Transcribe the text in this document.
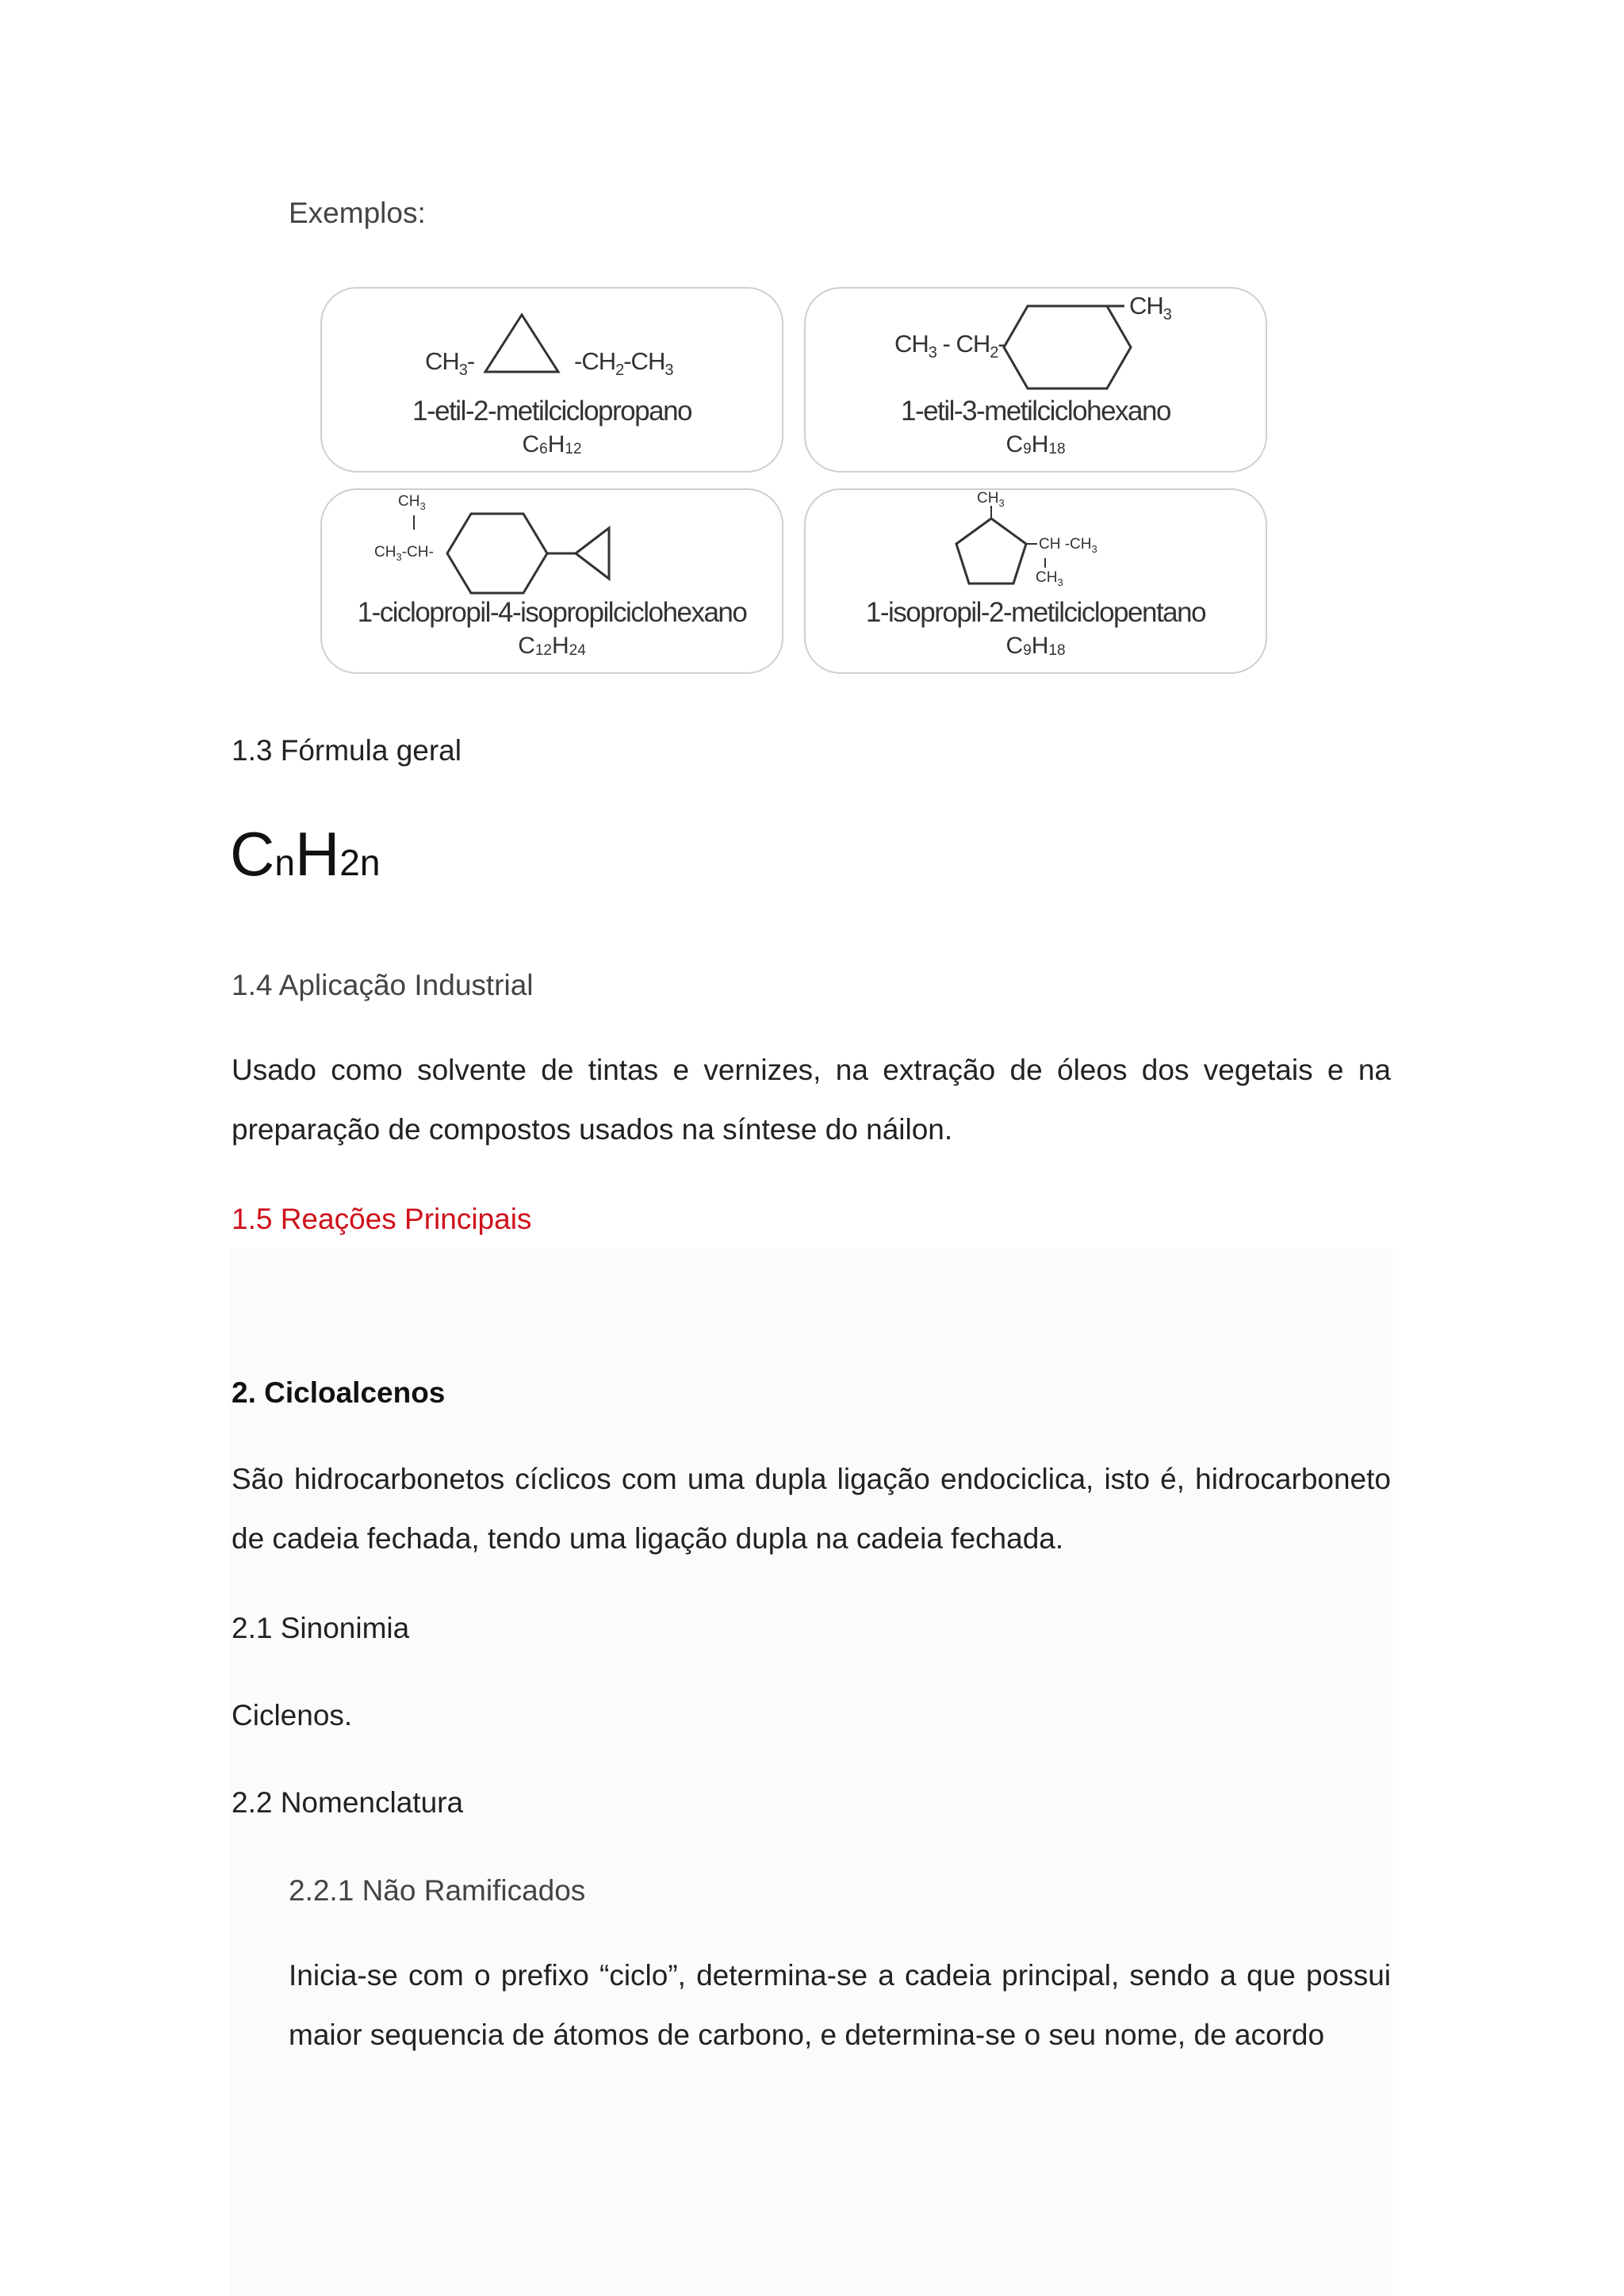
Exemplos:
$CH_3-$	$-CH_2-CH_3$
1-etil-2-metilciclopropano
$C_6H_{12}$
$CH_3 - CH_2-$
$CH_3$
1-etil-3-metilciclohexano
$C_9H_{18}$
$CH_3$
$CH_3-CH-$
1-ciclopropil-4-isopropilciclohexano
$C_{12}H_{24}$
$CH_3$
CH $-CH_3$
$CH_3$
1-isopropil-2-metilciclopentano
$C_9H_{18}$
1.3 Fórmula geral
CnH2n
1.4 Aplicação Industrial
Usado como solvente de tintas e vernizes, na extração de óleos dos vegetais e na preparação de compostos usados na síntese do náilon.
1.5 Reações Principais
2. Cicloalcenos
São hidrocarbonetos cíclicos com uma dupla ligação endociclica, isto é, hidrocarboneto de cadeia fechada, tendo uma ligação dupla na cadeia fechada.
2.1 Sinonimia
Ciclenos.
2.2 Nomenclatura
2.2.1 Não Ramificados
Inicia-se com o prefixo “ciclo”, determina-se a cadeia principal, sendo a que possui maior sequencia de átomos de carbono, e determina-se o seu nome, de acordo
